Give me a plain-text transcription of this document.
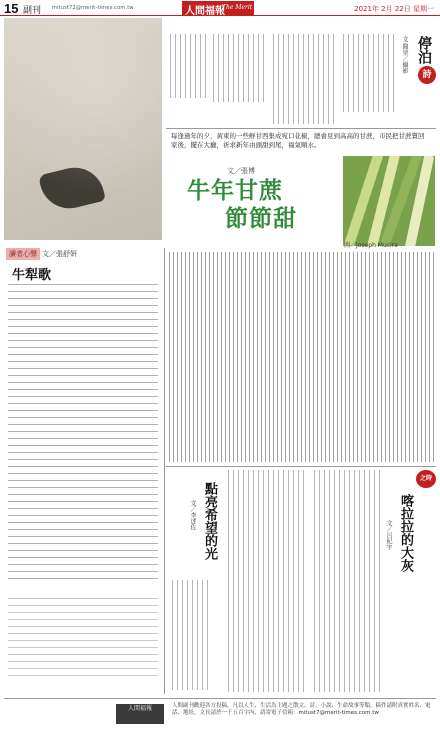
15 副刊 mitust72@merit-times.com.tw	人間福報
The Merit Times	2021年 2月 22日 星期一
停泊
詩
文·聞堃／攝影
每逢過年的夕，黃東的一些鮮甘西集成宛口花椒，總會見到高高的甘蔗，市民把甘蔗賣回家後，擺在大廳，祈求新年由頭甜到尾，福氣順水。
文／張博
牛年甘蔗
節節甜
圖／Joseph Mucira
讀者心聲 文／張舒妍
牛犁歌
點亮希望的光
文／李述佐
之時
喀拉拉的大灰
文／呂紀宇
人間福報	人間副刊歡迎各方投稿，凡以人生、生活為主題之散文、詩、小說、生命故事等類，稿件請附真實姓名、電話、地址，文長請於一千五百字內，請寄電子信箱：mitust7@merit-times.com.tw
